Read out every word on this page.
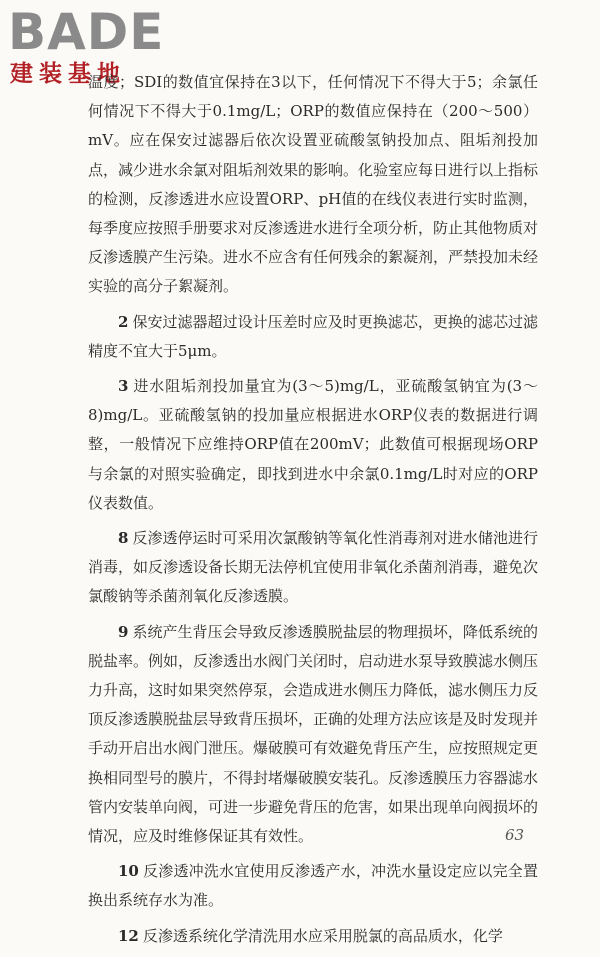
BADE
建装基地

温度；SDI的数值宜保持在3以下，任何情况下不得大于5；余氯任何情况下不得大于0.1mg/L；ORP的数值应保持在（200～500）mV。应在保安过滤器后依次设置亚硫酸氢钠投加点、阻垢剂投加点，减少进水余氯对阻垢剂效果的影响。化验室应每日进行以上指标的检测，反渗透进水应设置ORP、pH值的在线仪表进行实时监测，每季度应按照手册要求对反渗透进水进行全项分析，防止其他物质对反渗透膜产生污染。进水不应含有任何残余的絮凝剂，严禁投加未经实验的高分子絮凝剂。

2 保安过滤器超过设计压差时应及时更换滤芯，更换的滤芯过滤精度不宜大于5μm。

3 进水阻垢剂投加量宜为(3～5)mg/L，亚硫酸氢钠宜为(3～8)mg/L。亚硫酸氢钠的投加量应根据进水ORP仪表的数据进行调整，一般情况下应维持ORP值在200mV；此数值可根据现场ORP与余氯的对照实验确定，即找到进水中余氯0.1mg/L时对应的ORP仪表数值。

8 反渗透停运时可采用次氯酸钠等氧化性消毒剂对进水储池进行消毒，如反渗透设备长期无法停机宜使用非氧化杀菌剂消毒，避免次氯酸钠等杀菌剂氧化反渗透膜。

9 系统产生背压会导致反渗透膜脱盐层的物理损坏，降低系统的脱盐率。例如，反渗透出水阀门关闭时，启动进水泵导致膜滤水侧压力升高，这时如果突然停泵，会造成进水侧压力降低，滤水侧压力反顶反渗透膜脱盐层导致背压损坏，正确的处理方法应该是及时发现并手动开启出水阀门泄压。爆破膜可有效避免背压产生，应按照规定更换相同型号的膜片，不得封堵爆破膜安装孔。反渗透膜压力容器滤水管内安装单向阀，可进一步避免背压的危害，如果出现单向阀损坏的情况，应及时维修保证其有效性。

10 反渗透冲洗水宜使用反渗透产水，冲洗水量设定应以完全置换出系统存水为准。

12 反渗透系统化学清洗用水应采用脱氯的高品质水，化学

63
